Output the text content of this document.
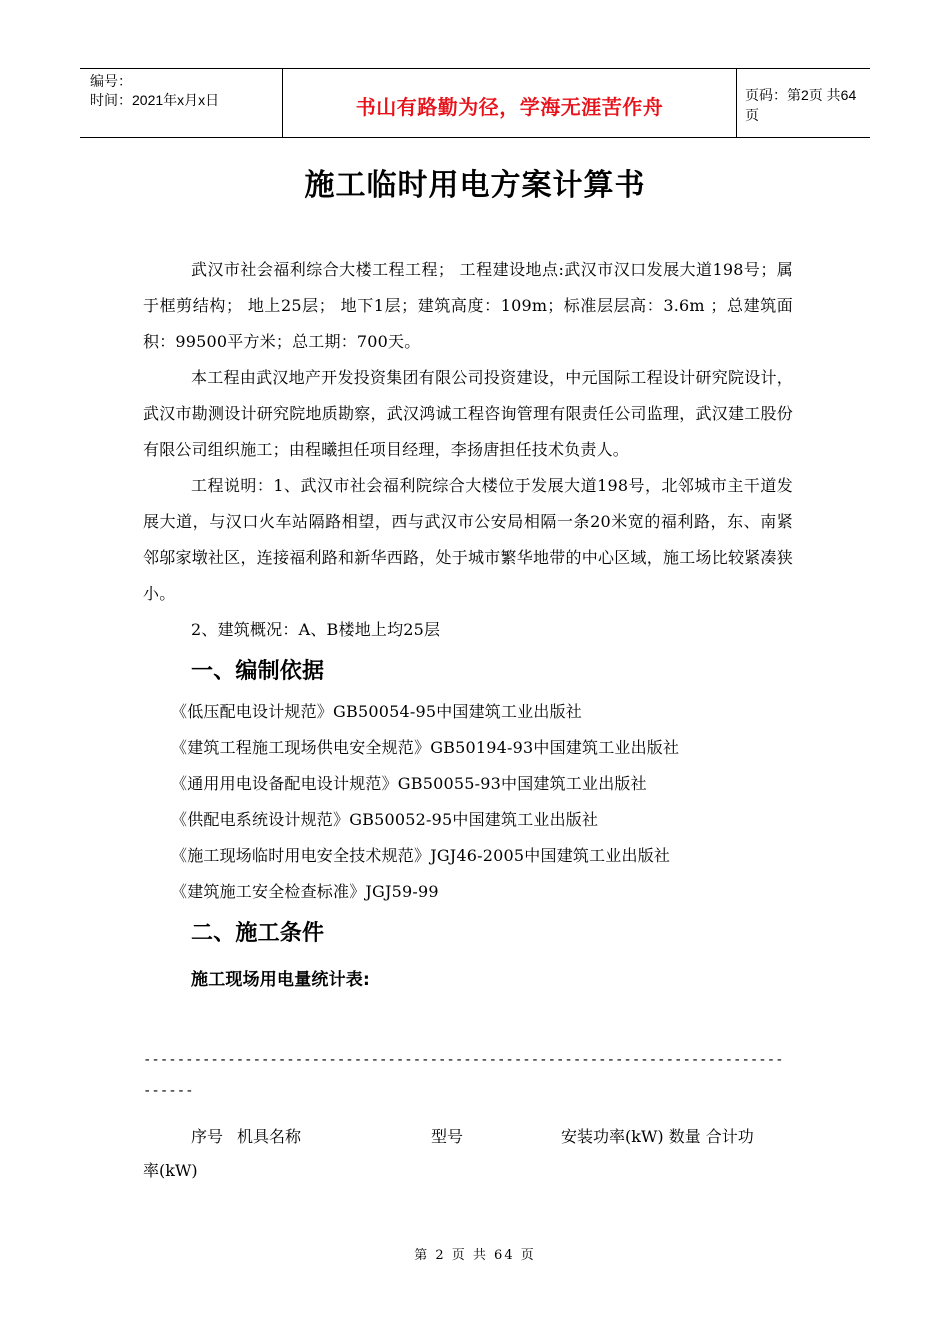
编号：
时间：2021年x月x日	书山有路勤为径，学海无涯苦作舟	页码：第2页 共64页
施工临时用电方案计算书

武汉市社会福利综合大楼工程工程； 工程建设地点:武汉市汉口发展大道198号；属于框剪结构； 地上25层； 地下1层；建筑高度：109m；标准层层高：3.6m ；总建筑面积：99500平方米；总工期：700天。

本工程由武汉地产开发投资集团有限公司投资建设，中元国际工程设计研究院设计，武汉市勘测设计研究院地质勘察，武汉鸿诚工程咨询管理有限责任公司监理，武汉建工股份有限公司组织施工；由程曦担任项目经理，李扬唐担任技术负责人。

工程说明：1、武汉市社会福利院综合大楼位于发展大道198号，北邻城市主干道发展大道，与汉口火车站隔路相望，西与武汉市公安局相隔一条20米宽的福利路，东、南紧邻邬家墩社区，连接福利路和新华西路，处于城市繁华地带的中心区域，施工场比较紧凑狭小。

2、建筑概况：A、B楼地上均25层

一、编制依据

《低压配电设计规范》GB50054-95中国建筑工业出版社

《建筑工程施工现场供电安全规范》GB50194-93中国建筑工业出版社

《通用用电设备配电设计规范》GB50055-93中国建筑工业出版社

《供配电系统设计规范》GB50052-95中国建筑工业出版社

《施工现场临时用电安全技术规范》JGJ46-2005中国建筑工业出版社

《建筑施工安全检查标准》JGJ59-99

二、施工条件
施工现场用电量统计表:
----------------------------------------------------------------------------
------
序号 机具名称	型号	安装功率(kW) 数量 合计功
率(kW)
第 2 页 共 64 页
